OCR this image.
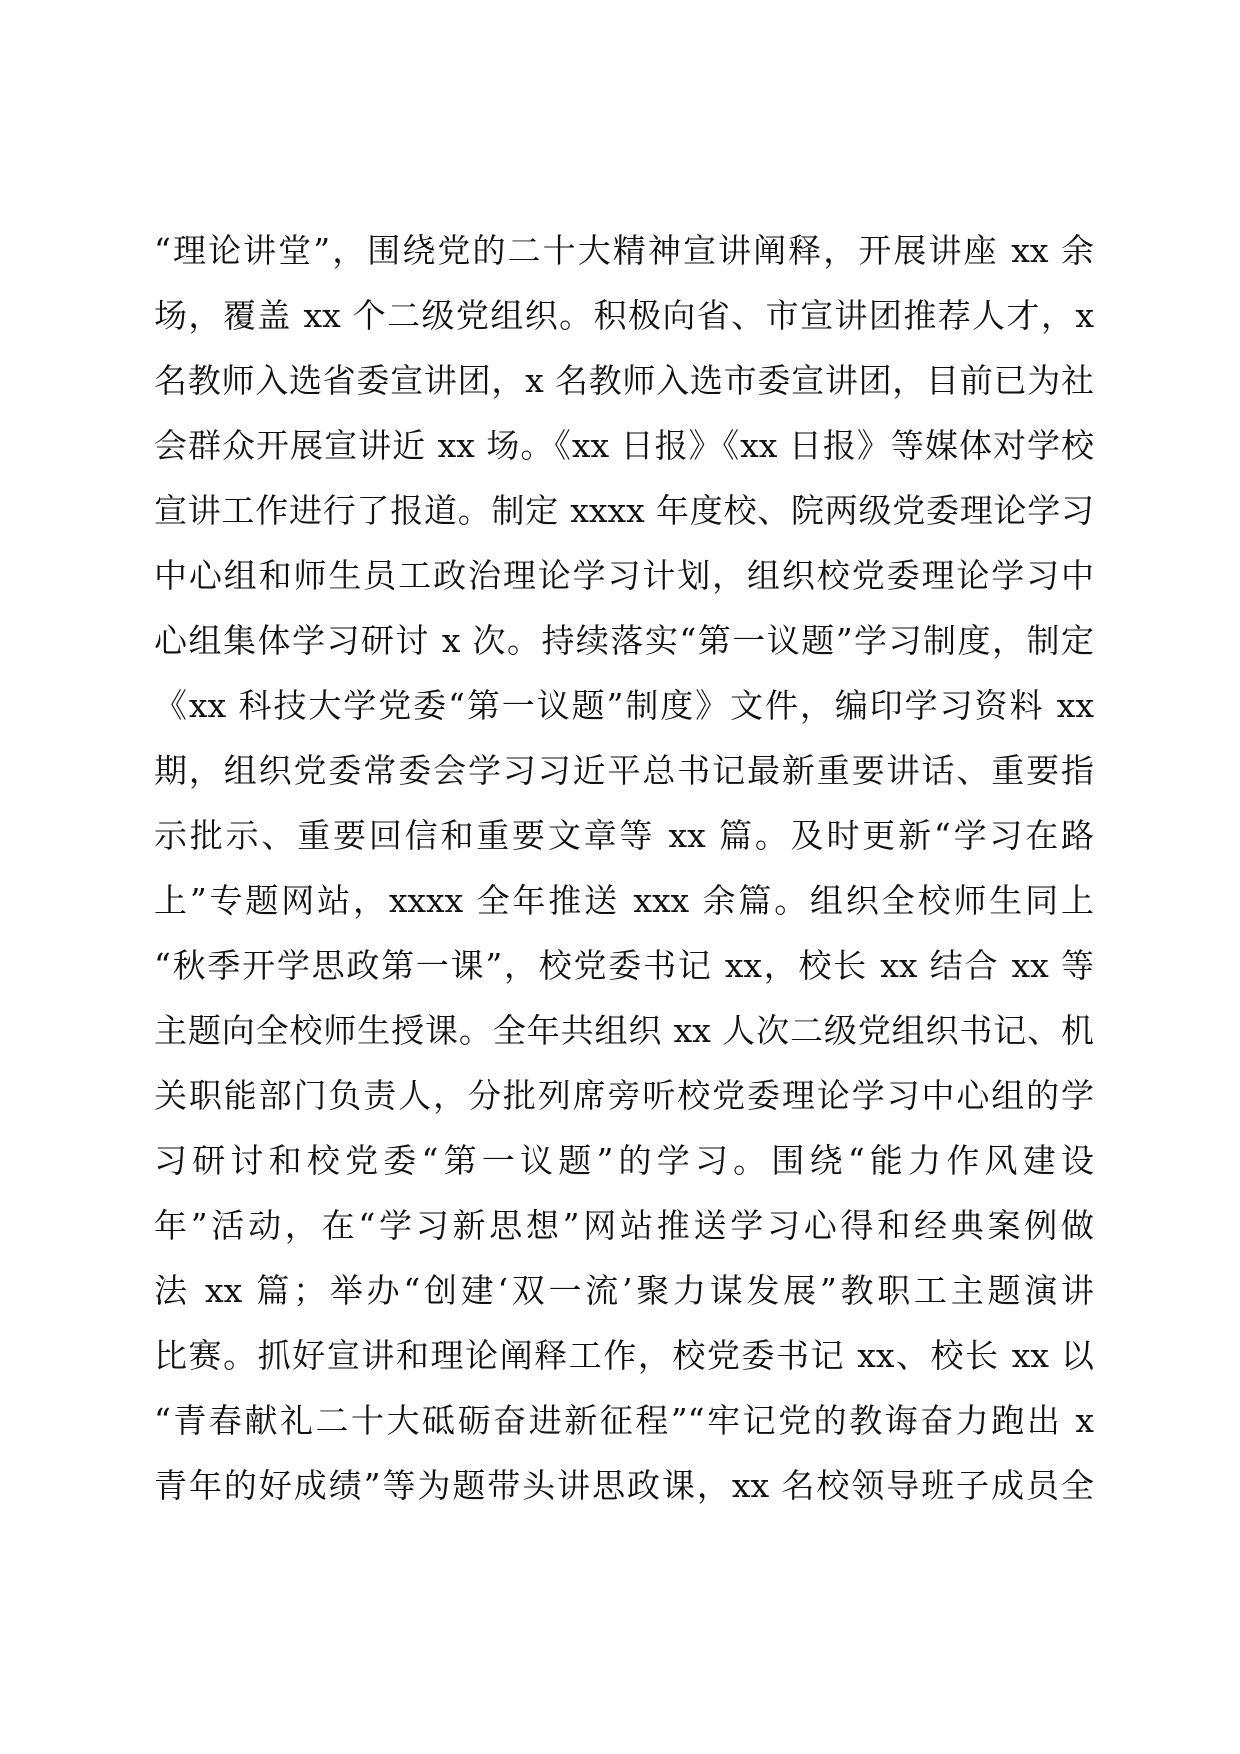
“理论讲堂”，围绕党的二十大精神宣讲阐释，开展讲座 xx 余
场，覆盖 xx 个二级党组织。积极向省、市宣讲团推荐人才，x
名教师入选省委宣讲团，x 名教师入选市委宣讲团，目前已为社
会群众开展宣讲近 xx 场。《xx 日报》《xx 日报》等媒体对学校
宣讲工作进行了报道。制定 xxxx 年度校、院两级党委理论学习
中心组和师生员工政治理论学习计划，组织校党委理论学习中
心组集体学习研讨 x 次。持续落实“第一议题”学习制度，制定
《xx 科技大学党委“第一议题”制度》文件，编印学习资料 xx
期，组织党委常委会学习习近平总书记最新重要讲话、重要指
示批示、重要回信和重要文章等 xx 篇。及时更新“学习在路
上”专题网站，xxxx 全年推送 xxx 余篇。组织全校师生同上
“秋季开学思政第一课”，校党委书记 xx，校长 xx 结合 xx 等
主题向全校师生授课。全年共组织 xx 人次二级党组织书记、机
关职能部门负责人，分批列席旁听校党委理论学习中心组的学
习研讨和校党委“第一议题”的学习。围绕“能力作风建设
年”活动，在“学习新思想”网站推送学习心得和经典案例做
法 xx 篇；举办“创建‘双一流’聚力谋发展”教职工主题演讲
比赛。抓好宣讲和理论阐释工作，校党委书记 xx、校长 xx 以
“青春献礼二十大砥砺奋进新征程”“牢记党的教诲奋力跑出 x
青年的好成绩”等为题带头讲思政课，xx 名校领导班子成员全
